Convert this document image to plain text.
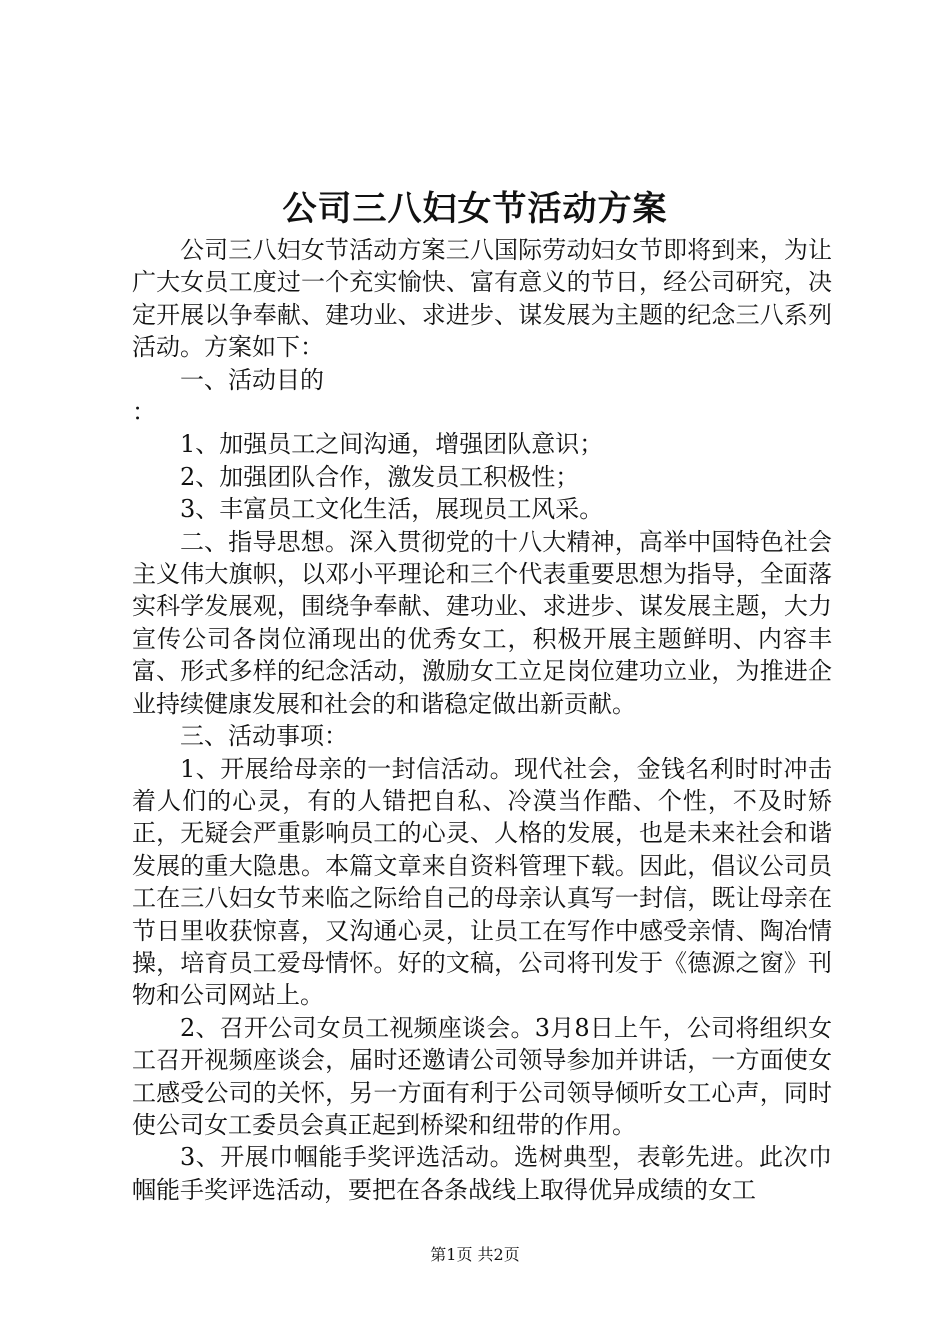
公司三八妇女节活动方案

公司三八妇女节活动方案三八国际劳动妇女节即将到来，为让广大女员工度过一个充实愉快、富有意义的节日，经公司研究，决定开展以争奉献、建功业、求进步、谋发展为主题的纪念三八系列活动。方案如下：

一、活动目的

：

1、加强员工之间沟通，增强团队意识；

2、加强团队合作，激发员工积极性；

3、丰富员工文化生活，展现员工风采。

二、指导思想。深入贯彻党的十八大精神，高举中国特色社会主义伟大旗帜，以邓小平理论和三个代表重要思想为指导，全面落实科学发展观，围绕争奉献、建功业、求进步、谋发展主题，大力宣传公司各岗位涌现出的优秀女工，积极开展主题鲜明、内容丰富、形式多样的纪念活动，激励女工立足岗位建功立业，为推进企业持续健康发展和社会的和谐稳定做出新贡献。

三、活动事项：

1、开展给母亲的一封信活动。现代社会，金钱名利时时冲击着人们的心灵，有的人错把自私、冷漠当作酷、个性，不及时矫正，无疑会严重影响员工的心灵、人格的发展，也是未来社会和谐发展的重大隐患。本篇文章来自资料管理下载。因此，倡议公司员工在三八妇女节来临之际给自己的母亲认真写一封信，既让母亲在节日里收获惊喜，又沟通心灵，让员工在写作中感受亲情、陶冶情操，培育员工爱母情怀。好的文稿，公司将刊发于《德源之窗》刊物和公司网站上。

2、召开公司女员工视频座谈会。3月8日上午，公司将组织女工召开视频座谈会，届时还邀请公司领导参加并讲话，一方面使女工感受公司的关怀，另一方面有利于公司领导倾听女工心声，同时使公司女工委员会真正起到桥梁和纽带的作用。

3、开展巾帼能手奖评选活动。选树典型，表彰先进。此次巾帼能手奖评选活动，要把在各条战线上取得优异成绩的女工

第1页 共2页
